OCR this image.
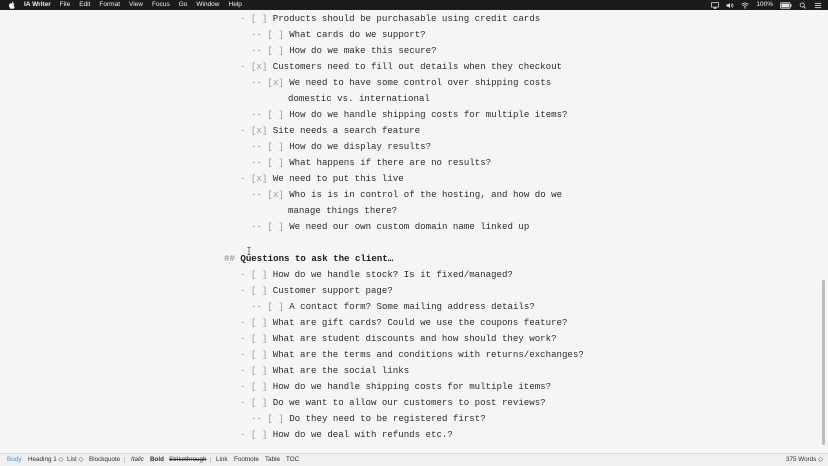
IA Writer File Edit Format View Focus Go Window Help	100%
- [ ] Products should be purchasable using credit cards
-- [ ] What cards do we support?
-- [ ] How do we make this secure?
- [x] Customers need to fill out details when they checkout
-- [x] We need to have some control over shipping costs
domestic vs. international
-- [ ] How do we handle shipping costs for multiple items?
- [x] Site needs a search feature
-- [ ] How do we display results?
-- [ ] What happens if there are no results?
- [x] We need to put this live
-- [x] Who is is in control of the hosting, and how do we
manage things there?
-- [ ] We need our own custom domain name linked up
## Questions to ask the client…
- [ ] How do we handle stock? Is it fixed/managed?
- [ ] Customer support page?
-- [ ] A contact form? Some mailing address details?
- [ ] What are gift cards? Could we use the coupons feature?
- [ ] What are student discounts and how should they work?
- [ ] What are the terms and conditions with returns/exchanges?
- [ ] What are the social links
- [ ] How do we handle shipping costs for multiple items?
- [ ] Do we want to allow our customers to post reviews?
-- [ ] Do they need to be registered first?
- [ ] How do we deal with refunds etc.?
Body Heading 1 ◇ List ◇ Blockquote Italic Bold Strikethrough Link Footnote Table TOC	375 Words ◇
